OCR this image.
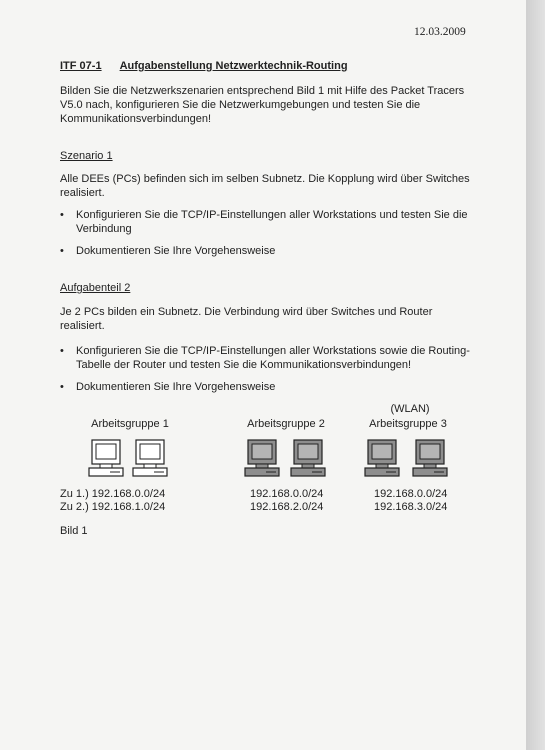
12.03.2009
ITF 07-1 Aufgabenstellung Netzwerktechnik-Routing
Bilden Sie die Netzwerkszenarien entsprechend Bild 1 mit Hilfe des Packet Tracers
V5.0 nach, konfigurieren Sie die Netzwerkumgebungen und testen Sie die
Kommunikationsverbindungen!
Szenario 1
Alle DEEs (PCs) befinden sich im selben Subnetz. Die Kopplung wird über Switches
realisiert.
• Konfigurieren Sie die TCP/IP-Einstellungen aller Workstations und testen Sie die
Verbindung
• Dokumentieren Sie Ihre Vorgehensweise
Aufgabenteil 2
Je 2 PCs bilden ein Subnetz. Die Verbindung wird über Switches und Router
realisiert.
• Konfigurieren Sie die TCP/IP-Einstellungen aller Workstations sowie die Routing-
Tabelle der Router und testen Sie die Kommunikationsverbindungen!
• Dokumentieren Sie Ihre Vorgehensweise
(WLAN)
Arbeitsgruppe 1	Arbeitsgruppe 2	Arbeitsgruppe 3
Zu 1.) 192.168.0.0/24
Zu 2.) 192.168.1.0/24
192.168.0.0/24
192.168.2.0/24
192.168.0.0/24
192.168.3.0/24
Bild 1
